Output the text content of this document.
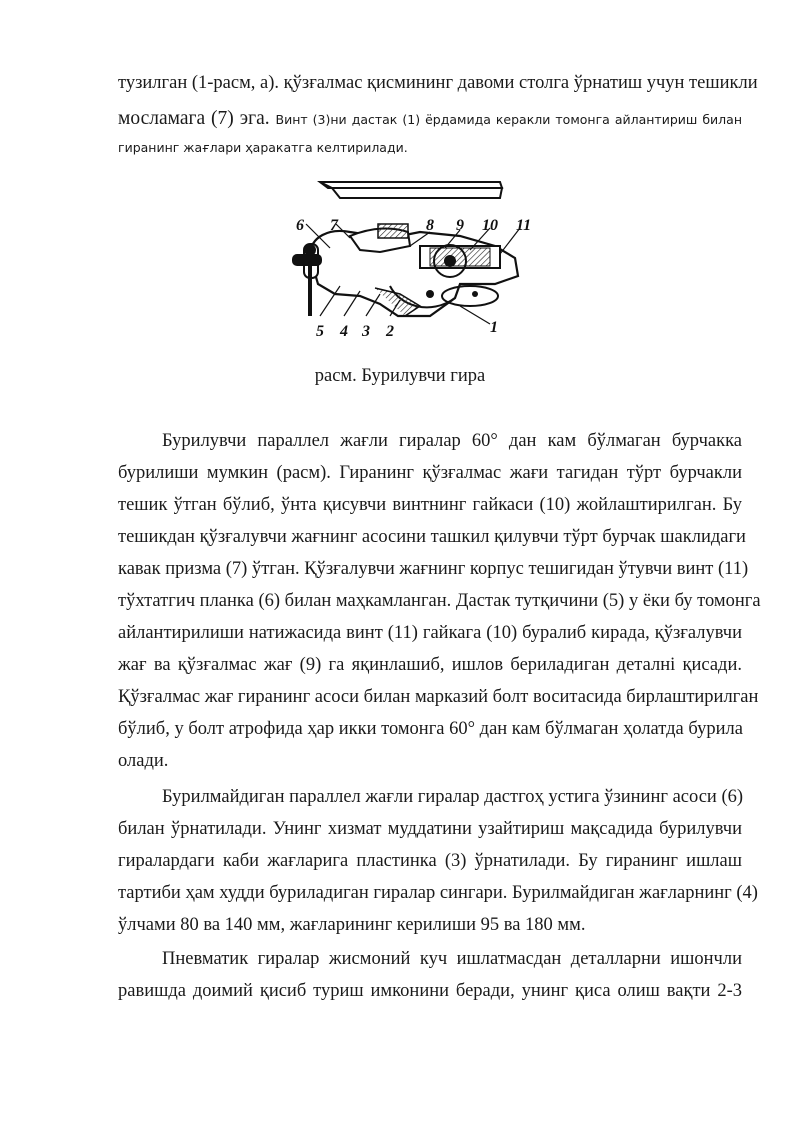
тузилган (1-расм, а). қўзғалмас қисмининг давоми столга ўрнатиш учун тешикли
мосламага (7) эга. Винт (3)ни дастак (1) ёрдамида керакли томонга айлантириш билан
гиранинг жағлари ҳаракатга келтирилади.
6 7	8 9 10 11
5 4 3 2	1
расм. Бурилувчи гира
Бурилувчи параллел жағли гиралар 60° дан кам бўлмаган бурчакка
бурилиши мумкин (расм). Гиранинг қўзғалмас жағи тагидан тўрт бурчакли
тешик ўтган бўлиб, ўнта қисувчи винтнинг гайкаси (10) жойлаштирилган. Бу
тешикдан қўзғалувчи жағнинг асосини ташкил қилувчи тўрт бурчак шаклидаги
кавак призма (7) ўтган. Қўзғалувчи жағнинг корпус тешигидан ўтувчи винт (11)
тўхтатгич планка (6) билан маҳкамланган. Дастак тутқичини (5) у ёки бу томонга
айлантирилиши натижасида винт (11) гайкага (10) буралиб кирада, қўзғалувчи
жағ ва қўзғалмас жағ (9) га яқинлашиб, ишлов бериладиган деталнi қисади.
Қўзғалмас жағ гиранинг асоси билан марказий болт воситасида бирлаштирилган
бўлиб, у болт атрофида ҳар икки томонга 60° дан кам бўлмаган ҳолатда бурила
олади.
Бурилмайдиган параллел жағли гиралар дастгоҳ устига ўзининг асоси (6)
билан ўрнатилади. Унинг хизмат муддатини узайтириш мақсадида бурилувчи
гиралардаги каби жағларига пластинка (3) ўрнатилади. Бу гиранинг ишлаш
тартиби ҳам худди буриладиган гиралар сингари. Бурилмайдиган жағларнинг (4)
ўлчами 80 ва 140 мм, жағларининг керилиши 95 ва 180 мм.
Пневматик гиралар жисмоний куч ишлатмасдан деталларни ишончли
равишда доимий қисиб туриш имконини беради, унинг қиса олиш вақти 2-3
